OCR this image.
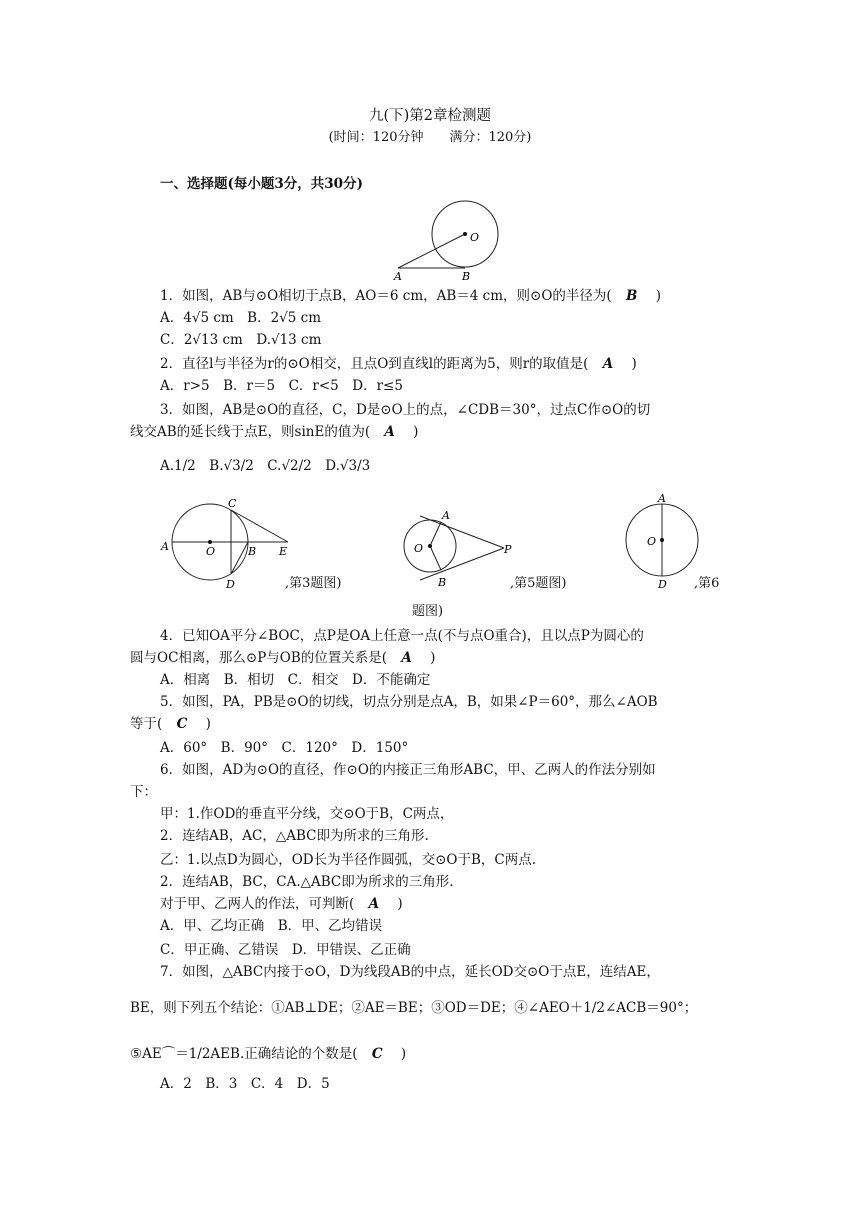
九(下)第2章检测题
(时间：120分钟　　满分：120分)
一、选择题(每小题3分，共30分)
O
A	B
1．如图，AB与⊙O相切于点B，AO＝6 cm，AB＝4 cm，则⊙O的半径为( B )
A．4√5 cm　B．2√5 cm
C．2√13 cm　D.√13 cm
2．直径l与半径为r的⊙O相交，且点O到直线l的距离为5，则r的取值是( A )
A．r>5　B．r＝5　C．r<5　D．r≤5
3．如图，AB是⊙O的直径，C，D是⊙O上的点，∠CDB＝30°，过点C作⊙O的切
线交AB的延长线于点E，则sinE的值为( A )
A.1/2　B.√3/2　C.√2/2　D.√3/3
C
A	O	B E
D	,第3题图)
A
O	P
B	,第5题图)
A
O
D ,第6
题图)
4．已知OA平分∠BOC，点P是OA上任意一点(不与点O重合)，且以点P为圆心的
圆与OC相离，那么⊙P与OB的位置关系是( A )
A．相离　B．相切　C．相交　D．不能确定
5．如图，PA，PB是⊙O的切线，切点分别是点A，B，如果∠P＝60°，那么∠AOB
等于( C )
A．60°　B．90°　C．120°　D．150°
6．如图，AD为⊙O的直径，作⊙O的内接正三角形ABC，甲、乙两人的作法分别如
下：
甲：1.作OD的垂直平分线，交⊙O于B，C两点，
2．连结AB，AC，△ABC即为所求的三角形.
乙：1.以点D为圆心，OD长为半径作圆弧，交⊙O于B，C两点.
2．连结AB，BC，CA.△ABC即为所求的三角形.
对于甲、乙两人的作法，可判断( A )
A．甲、乙均正确　B．甲、乙均错误
C．甲正确、乙错误　D．甲错误、乙正确
7．如图，△ABC内接于⊙O，D为线段AB的中点，延长OD交⊙O于点E，连结AE，
BE，则下列五个结论：①AB⊥DE；②AE＝BE；③OD＝DE；④∠AEO＋1/2∠ACB＝90°；
⑤AE⌒＝1/2AEB.正确结论的个数是( C )
A．2　B．3　C．4　D．5
